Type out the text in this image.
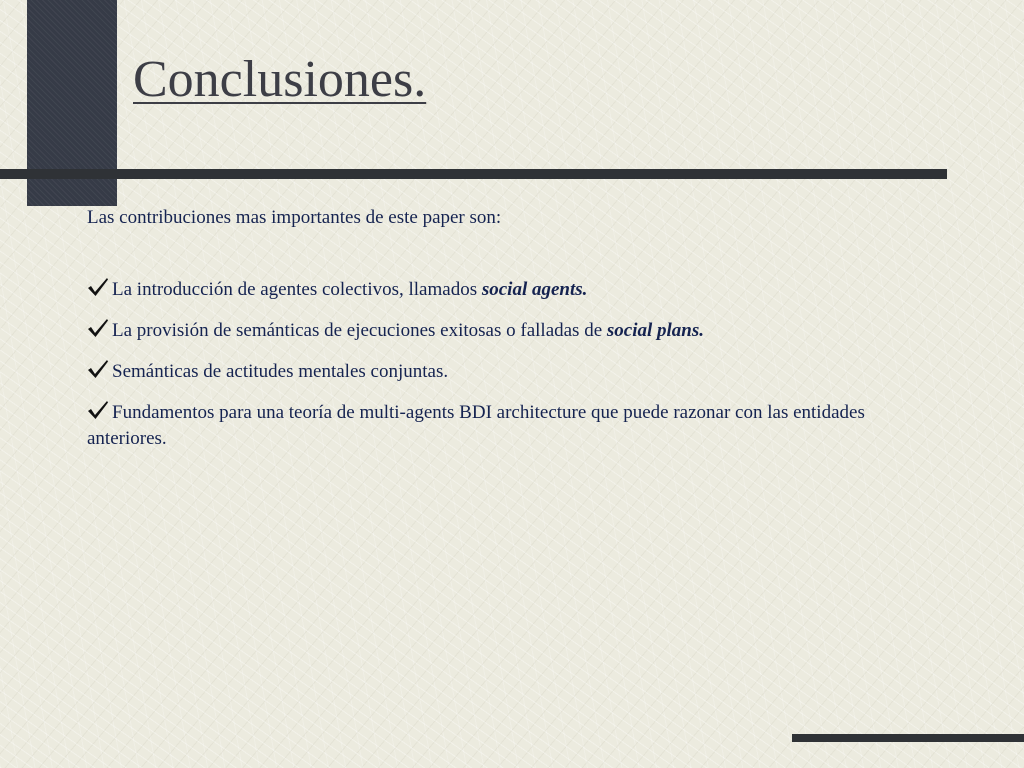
Conclusiones.

Las contribuciones mas importantes de este paper son:

La introducción de agentes colectivos, llamados social agents.
La provisión de semánticas de ejecuciones exitosas o falladas de social plans.
Semánticas de actitudes mentales conjuntas.
Fundamentos para una teoría de multi-agents BDI architecture que puede razonar con las entidades anteriores.
